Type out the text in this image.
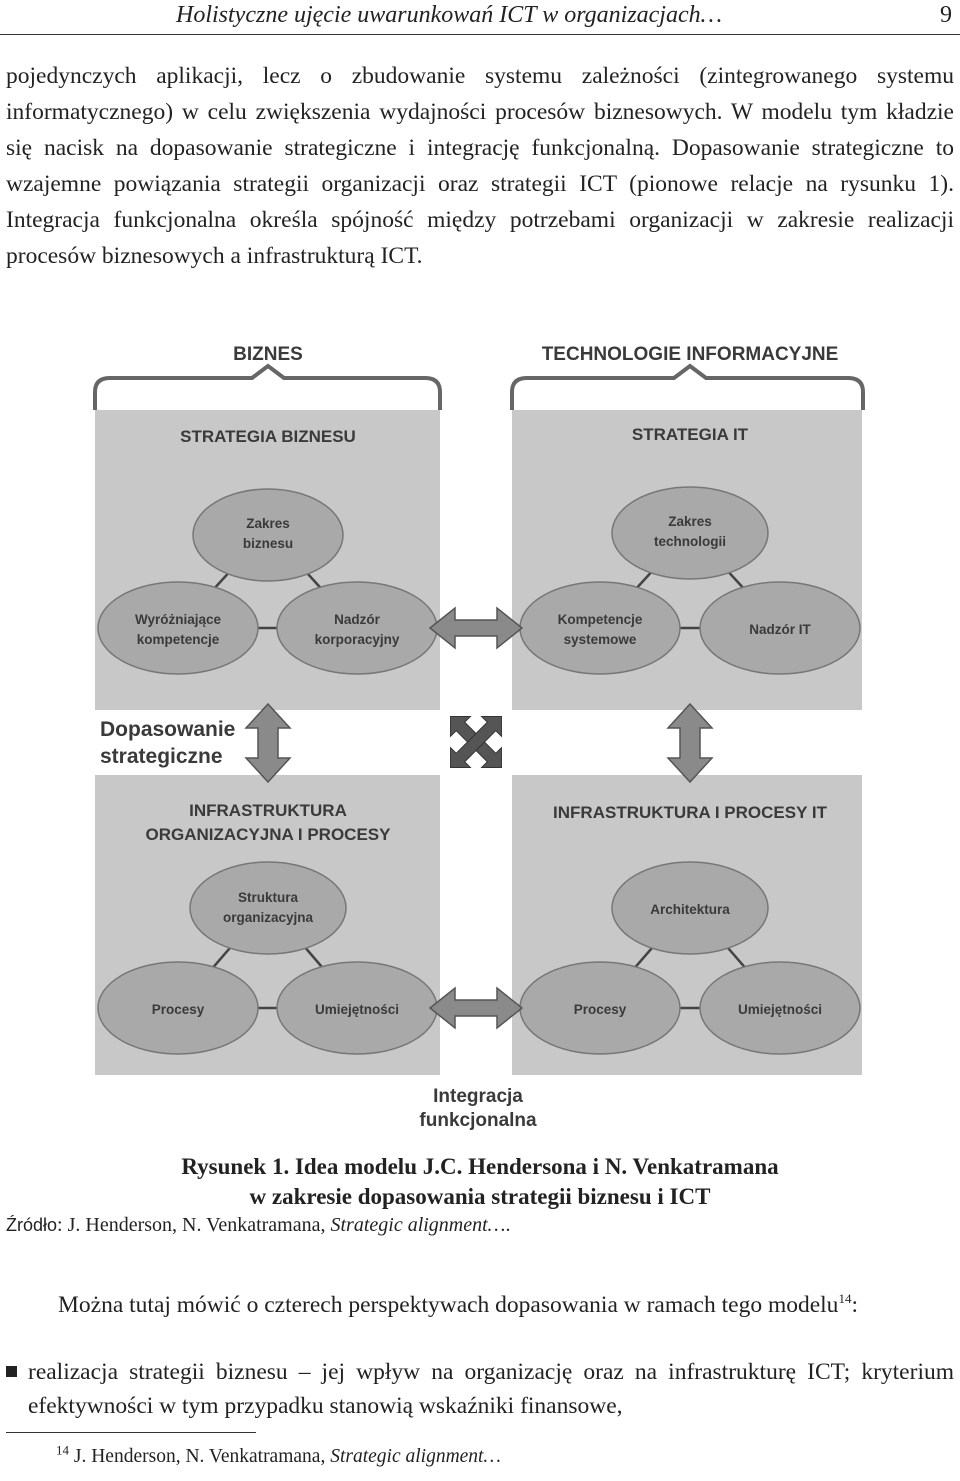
Holistyczne ujęcie uwarunkowań ICT w organizacjach…	9
pojedynczych aplikacji, lecz o zbudowanie systemu zależności (zintegrowanego systemu informatycznego) w celu zwiększenia wydajności procesów biznesowych. W modelu tym kładzie się nacisk na dopasowanie strategiczne i integrację funkcjonalną. Dopasowanie strategiczne to wzajemne powiązania strategii organizacji oraz strategii ICT (pionowe relacje na rysunku 1). Integracja funkcjonalna określa spójność między potrzebami organizacji w zakresie realizacji procesów biznesowych a infrastrukturą ICT.
BIZNES	TECHNOLOGIE INFORMACYJNE
STRATEGIA BIZNESU	STRATEGIA IT
INFRASTRUKTURA
ORGANIZACYJNA I PROCESY
INFRASTRUKTURA I PROCESY IT
Zakres
biznesu
Wyróżniające
kompetencje
Nadzór
korporacyjny
Zakres
technologii
Kompetencje
systemowe
Nadzór IT
Struktura
organizacyjna
Procesy	Umiejętności
Architektura
Procesy	Umiejętności
Dopasowanie
strategiczne
Integracja
funkcjonalna
Rysunek 1. Idea modelu J.C. Hendersona i N. Venkatramana
w zakresie dopasowania strategii biznesu i ICT
Źródło: J. Henderson, N. Venkatramana, Strategic alignment….
Można tutaj mówić o czterech perspektywach dopasowania w ramach tego modelu$^{14}$:
realizacja strategii biznesu – jej wpływ na organizację oraz na infrastrukturę ICT; kryterium efektywności w tym przypadku stanowią wskaźniki finansowe,
$^{14}$ J. Henderson, N. Venkatramana, Strategic alignment…
